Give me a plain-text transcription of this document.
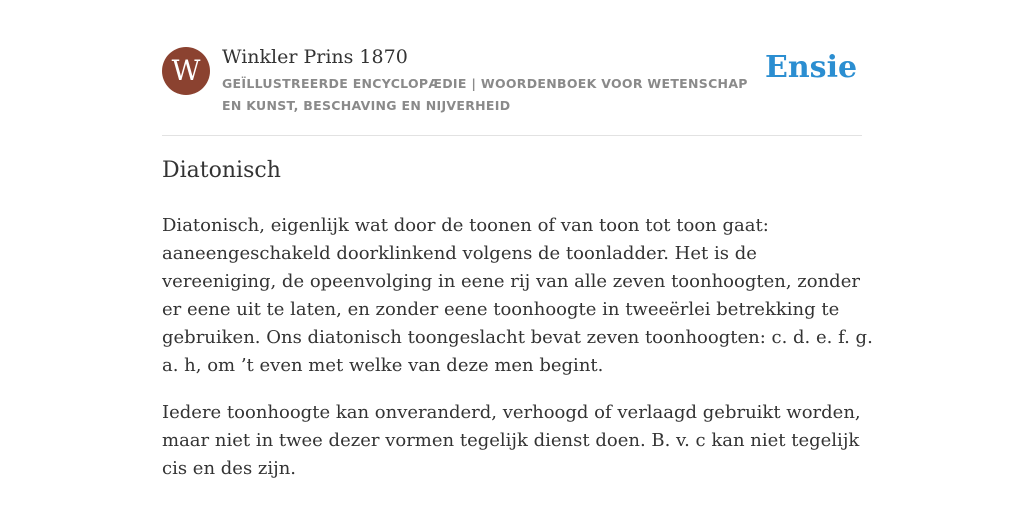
W	Winkler Prins 1870
GEÏLLUSTREERDE ENCYCLOPÆDIE | WOORDENBOEK VOOR WETENSCHAP EN KUNST, BESCHAVING EN NIJVERHEID
Ensie
Diatonisch

Diatonisch, eigenlijk wat door de toonen of van toon tot toon gaat: aaneengeschakeld doorklinkend volgens de toonladder. Het is de vereeniging, de opeenvolging in eene rij van alle zeven toonhoogten, zonder er eene uit te laten, en zonder eene toonhoogte in tweeërlei betrekking te gebruiken. Ons diatonisch toongeslacht bevat zeven toonhoogten: c. d. e. f. g. a. h, om ’t even met welke van deze men begint.

Iedere toonhoogte kan onveranderd, verhoogd of verlaagd gebruikt worden, maar niet in twee dezer vormen tegelijk dienst doen. B. v. c kan niet tegelijk cis en des zijn.
